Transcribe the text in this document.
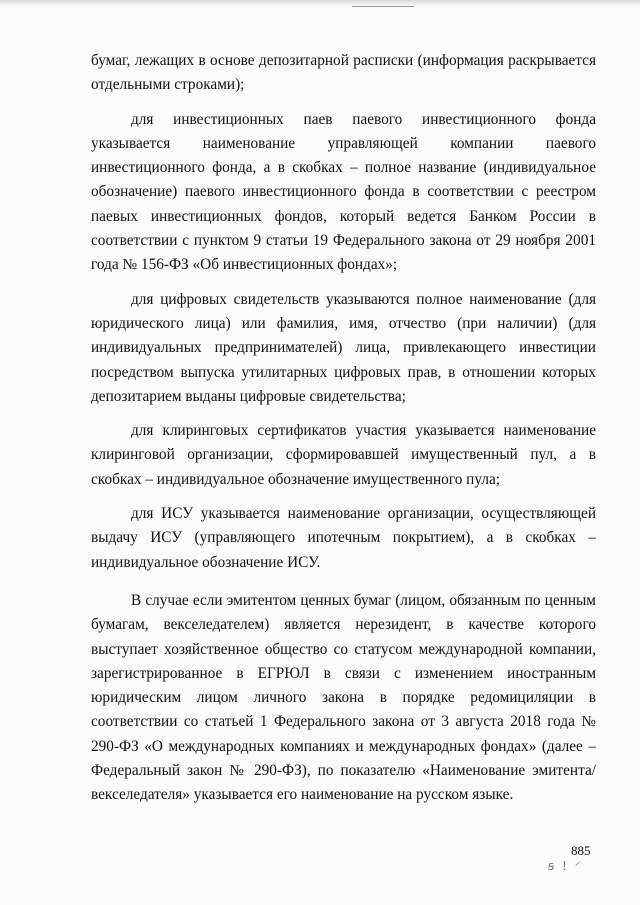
бумаг, лежащих в основе депозитарной расписки (информация раскрывается отдельными строками);

для инвестиционных паев паевого инвестиционного фонда указывается наименование управляющей компании паевого инвестиционного фонда, а в скобках – полное название (индивидуальное обозначение) паевого инвестиционного фонда в соответствии с реестром паевых инвестиционных фондов, который ведется Банком России в соответствии с пунктом 9 статьи 19 Федерального закона от 29 ноября 2001 года № 156-ФЗ «Об инвестиционных фондах»;

для цифровых свидетельств указываются полное наименование (для юридического лица) или фамилия, имя, отчество (при наличии) (для индивидуальных предпринимателей) лица, привлекающего инвестиции посредством выпуска утилитарных цифровых прав, в отношении которых депозитарием выданы цифровые свидетельства;

для клиринговых сертификатов участия указывается наименование клиринговой организации, сформировавшей имущественный пул, а в скобках – индивидуальное обозначение имущественного пула;

для ИСУ указывается наименование организации, осуществляющей выдачу ИСУ (управляющего ипотечным покрытием), а в скобках – индивидуальное обозначение ИСУ.

В случае если эмитентом ценных бумаг (лицом, обязанным по ценным бумагам, векселедателем) является нерезидент, в качестве которого выступает хозяйственное общество со статусом международной компании, зарегистрированное в ЕГРЮЛ в связи с изменением иностранным юридическим лицом личного закона в порядке редомициляции в соответствии со статьей 1 Федерального закона от 3 августа 2018 года № 290-ФЗ «О международных компаниях и международных фондах» (далее – Федеральный закон № 290-ФЗ), по показателю «Наименование эмитента/ векселедателя» указывается его наименование на русском языке.

885
ꞩ ! ⸍
